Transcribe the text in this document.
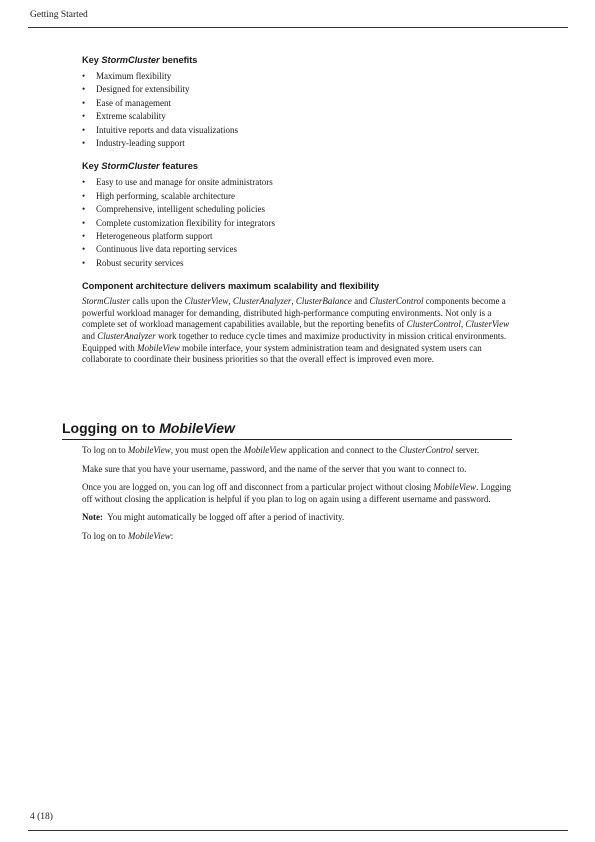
Getting Started
Key StormCluster benefits
• Maximum flexibility
• Designed for extensibility
• Ease of management
• Extreme scalability
• Intuitive reports and data visualizations
• Industry-leading support
Key StormCluster features
• Easy to use and manage for onsite administrators
• High performing, scalable architecture
• Comprehensive, intelligent scheduling policies
• Complete customization flexibility for integrators
• Heterogeneous platform support
• Continuous live data reporting services
• Robust security services
Component architecture delivers maximum scalability and flexibility

StormCluster calls upon the ClusterView, ClusterAnalyzer, ClusterBalance and ClusterControl components become a powerful workload manager for demanding, distributed high-performance computing environments. Not only is a complete set of workload management capabilities available, but the reporting benefits of ClusterControl, ClusterView and ClusterAnalyzer work together to reduce cycle times and maximize productivity in mission critical environments. Equipped with MobileView mobile interface, your system administration team and designated system users can collaborate to coordinate their business priorities so that the overall effect is improved even more.

Logging on to MobileView

To log on to MobileView, you must open the MobileView application and connect to the ClusterControl server.

Make sure that you have your username, password, and the name of the server that you want to connect to.

Once you are logged on, you can log off and disconnect from a particular project without closing MobileView. Logging off without closing the application is helpful if you plan to log on again using a different username and password.

Note:  You might automatically be logged off after a period of inactivity.

To log on to MobileView:

4 (18)
